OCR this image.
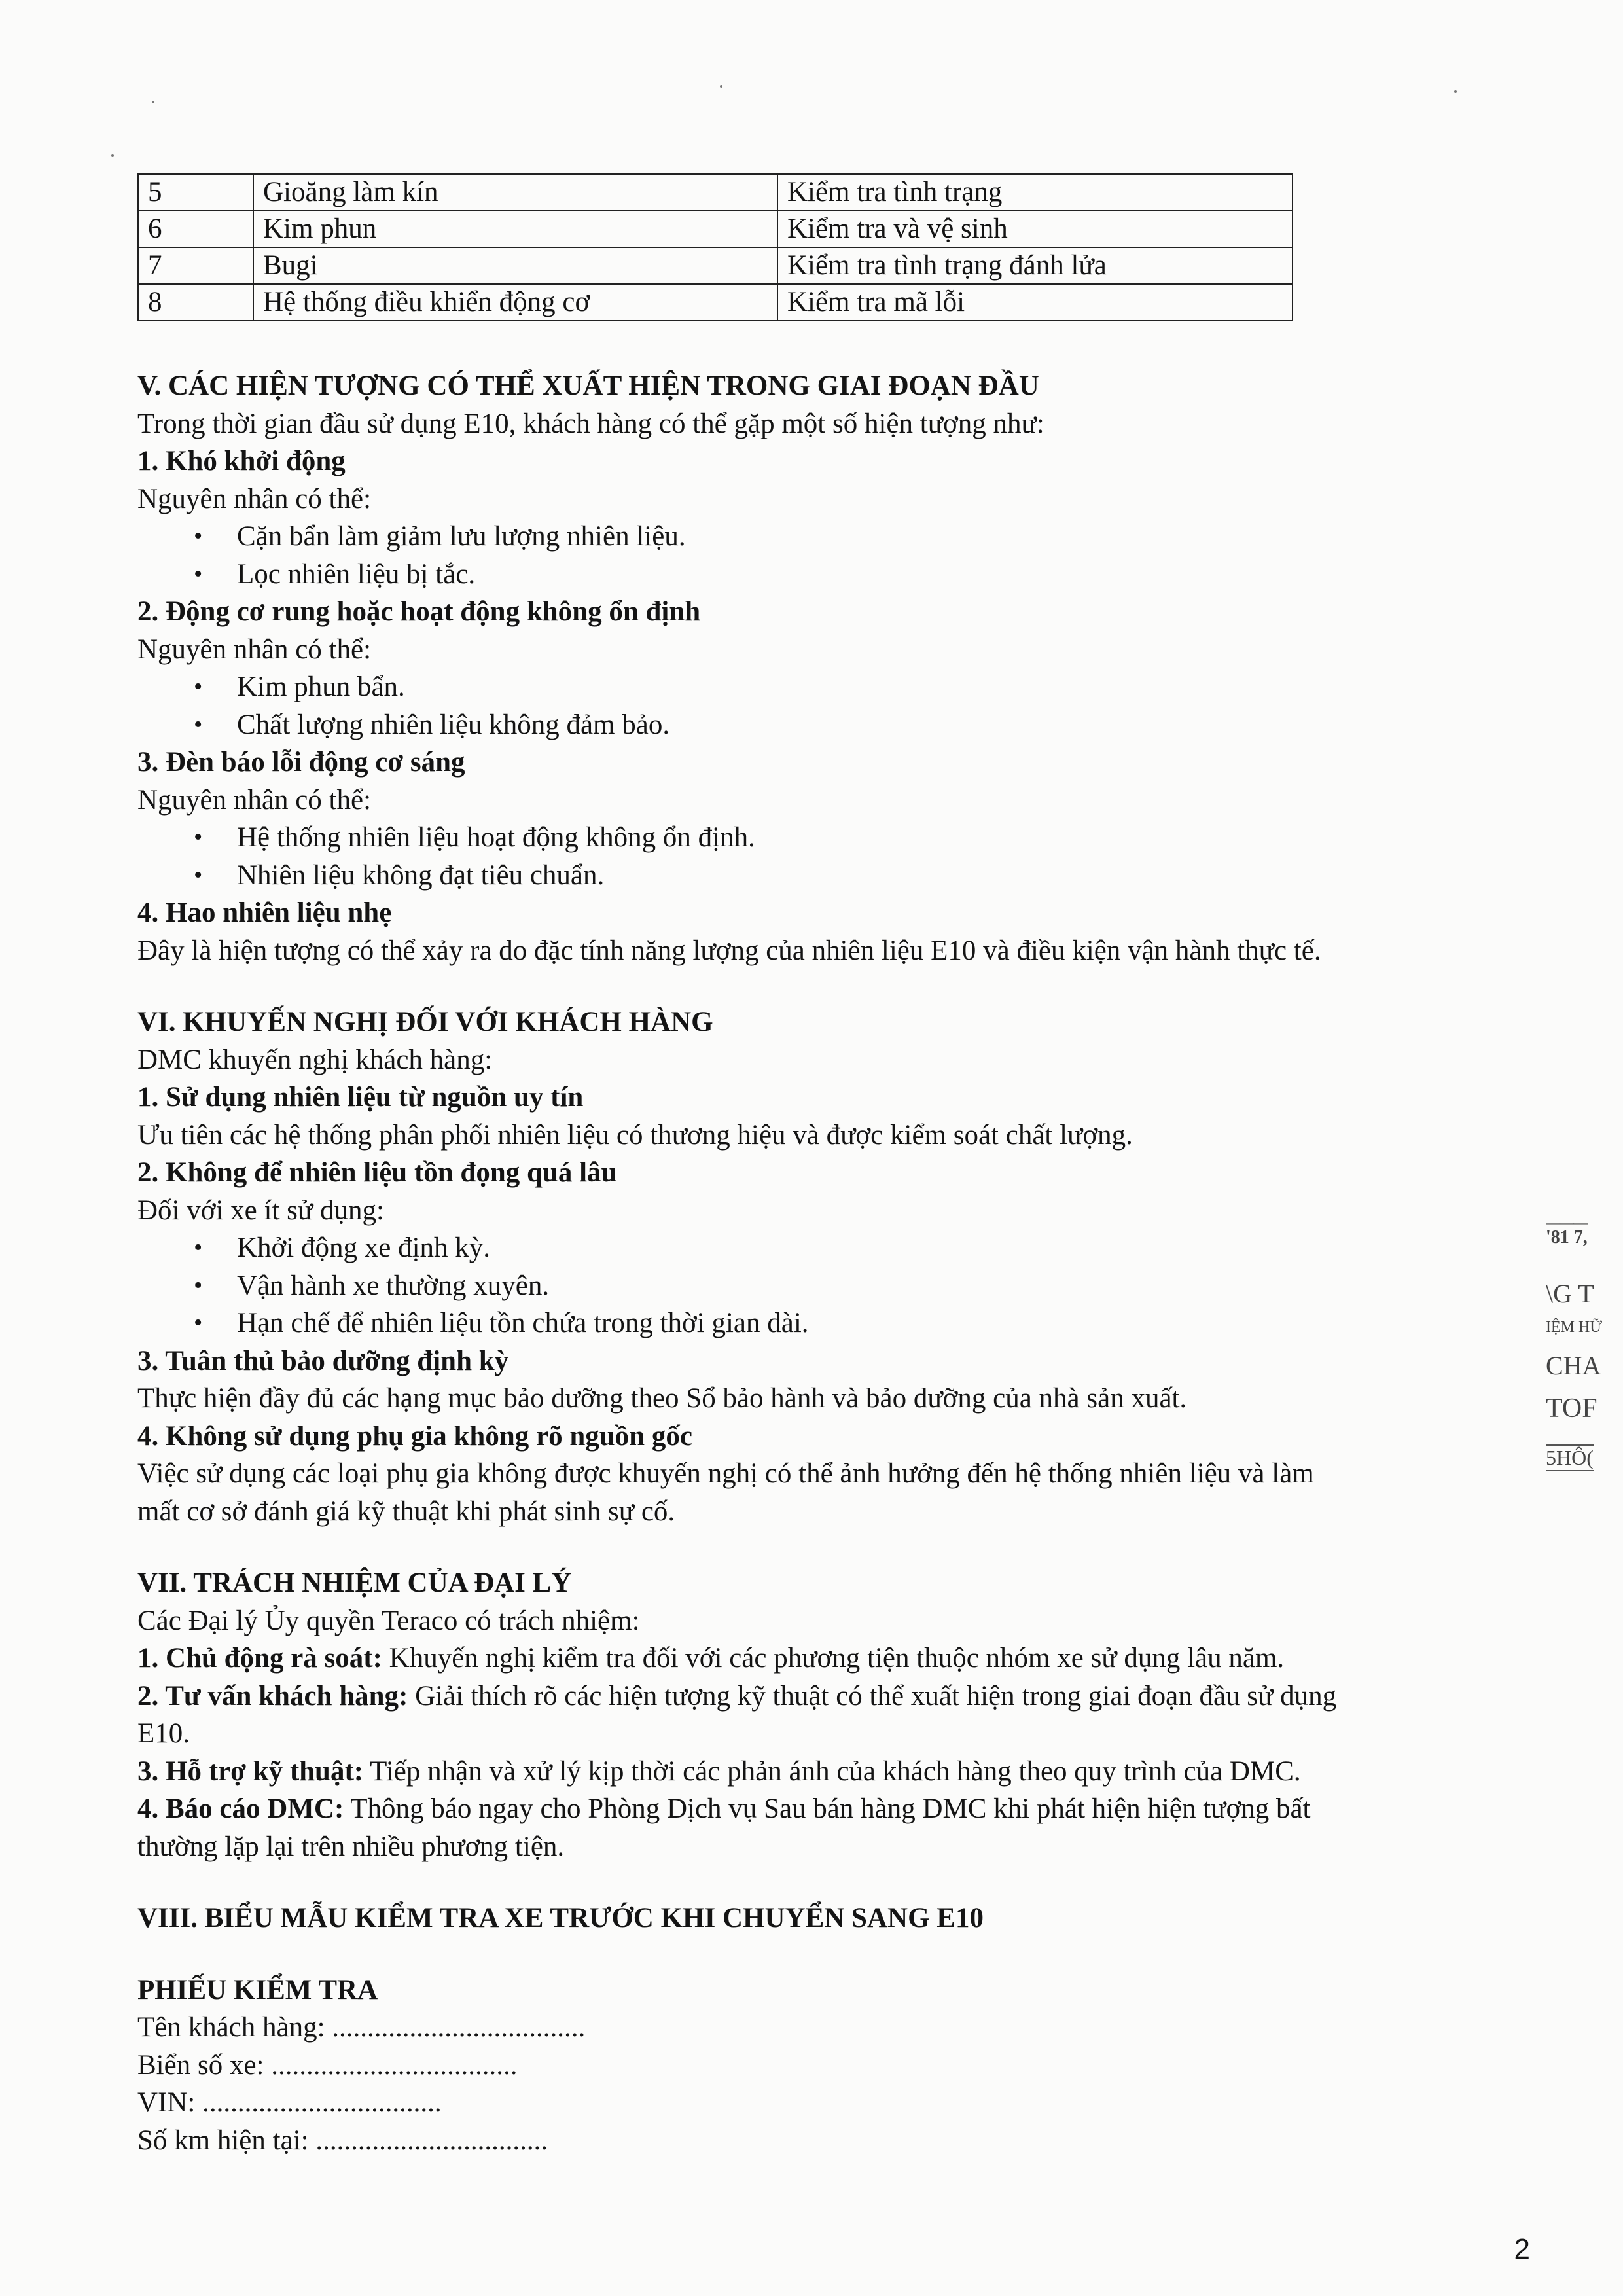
5	Gioăng làm kín	Kiểm tra tình trạng
6	Kim phun	Kiểm tra và vệ sinh
7	Bugi	Kiểm tra tình trạng đánh lửa
8	Hệ thống điều khiển động cơ	Kiểm tra mã lỗi
V. CÁC HIỆN TƯỢNG CÓ THỂ XUẤT HIỆN TRONG GIAI ĐOẠN ĐẦU
Trong thời gian đầu sử dụng E10, khách hàng có thể gặp một số hiện tượng như:
1. Khó khởi động
Nguyên nhân có thể:
• Cặn bẩn làm giảm lưu lượng nhiên liệu.
• Lọc nhiên liệu bị tắc.
2. Động cơ rung hoặc hoạt động không ổn định
Nguyên nhân có thể:
• Kim phun bẩn.
• Chất lượng nhiên liệu không đảm bảo.
3. Đèn báo lỗi động cơ sáng
Nguyên nhân có thể:
• Hệ thống nhiên liệu hoạt động không ổn định.
• Nhiên liệu không đạt tiêu chuẩn.
4. Hao nhiên liệu nhẹ
Đây là hiện tượng có thể xảy ra do đặc tính năng lượng của nhiên liệu E10 và điều kiện vận hành thực tế.
VI. KHUYẾN NGHỊ ĐỐI VỚI KHÁCH HÀNG
DMC khuyến nghị khách hàng:
1. Sử dụng nhiên liệu từ nguồn uy tín
Ưu tiên các hệ thống phân phối nhiên liệu có thương hiệu và được kiểm soát chất lượng.
2. Không để nhiên liệu tồn đọng quá lâu
Đối với xe ít sử dụng:
• Khởi động xe định kỳ.
• Vận hành xe thường xuyên.
• Hạn chế để nhiên liệu tồn chứa trong thời gian dài.
3. Tuân thủ bảo dưỡng định kỳ
Thực hiện đầy đủ các hạng mục bảo dưỡng theo Sổ bảo hành và bảo dưỡng của nhà sản xuất.
4. Không sử dụng phụ gia không rõ nguồn gốc
Việc sử dụng các loại phụ gia không được khuyến nghị có thể ảnh hưởng đến hệ thống nhiên liệu và làm
mất cơ sở đánh giá kỹ thuật khi phát sinh sự cố.
VII. TRÁCH NHIỆM CỦA ĐẠI LÝ
Các Đại lý Ủy quyền Teraco có trách nhiệm:
1. Chủ động rà soát: Khuyến nghị kiểm tra đối với các phương tiện thuộc nhóm xe sử dụng lâu năm.
2. Tư vấn khách hàng: Giải thích rõ các hiện tượng kỹ thuật có thể xuất hiện trong giai đoạn đầu sử dụng
E10.
3. Hỗ trợ kỹ thuật: Tiếp nhận và xử lý kịp thời các phản ánh của khách hàng theo quy trình của DMC.
4. Báo cáo DMC: Thông báo ngay cho Phòng Dịch vụ Sau bán hàng DMC khi phát hiện hiện tượng bất
thường lặp lại trên nhiều phương tiện.
VIII. BIỂU MẪU KIỂM TRA XE TRƯỚC KHI CHUYỂN SANG E10
PHIẾU KIỂM TRA
Tên khách hàng: ....................................
Biển số xe: ...................................
VIN: ..................................
Số km hiện tại: .................................
———
'81 7,
\G T
IỆM HỮ
CHA
TOF
5HÔ(
2
